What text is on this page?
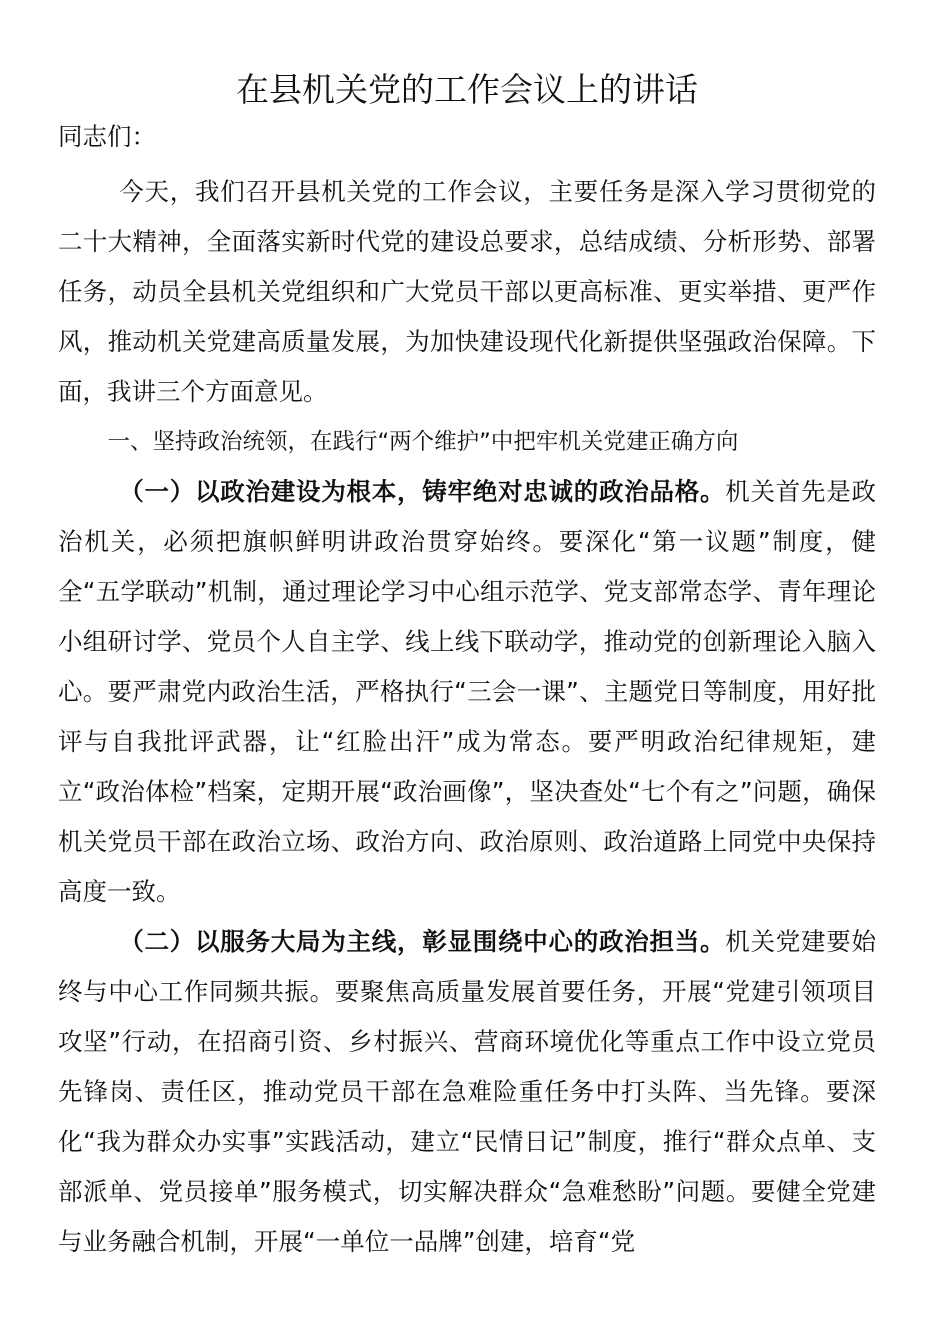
在县机关党的工作会议上的讲话

同志们：

今天，我们召开县机关党的工作会议，主要任务是深入学习贯彻党的二十大精神，全面落实新时代党的建设总要求，总结成绩、分析形势、部署任务，动员全县机关党组织和广大党员干部以更高标准、更实举措、更严作风，推动机关党建高质量发展，为加快建设现代化新提供坚强政治保障。下面，我讲三个方面意见。

一、坚持政治统领，在践行“两个维护”中把牢机关党建正确方向

（一）以政治建设为根本，铸牢绝对忠诚的政治品格。机关首先是政治机关，必须把旗帜鲜明讲政治贯穿始终。要深化“第一议题”制度，健全“五学联动”机制，通过理论学习中心组示范学、党支部常态学、青年理论小组研讨学、党员个人自主学、线上线下联动学，推动党的创新理论入脑入心。要严肃党内政治生活，严格执行“三会一课”、主题党日等制度，用好批评与自我批评武器，让“红脸出汗”成为常态。要严明政治纪律规矩，建立“政治体检”档案，定期开展“政治画像”，坚决查处“七个有之”问题，确保机关党员干部在政治立场、政治方向、政治原则、政治道路上同党中央保持高度一致。

（二）以服务大局为主线，彰显围绕中心的政治担当。机关党建要始终与中心工作同频共振。要聚焦高质量发展首要任务，开展“党建引领项目攻坚”行动，在招商引资、乡村振兴、营商环境优化等重点工作中设立党员先锋岗、责任区，推动党员干部在急难险重任务中打头阵、当先锋。要深化“我为群众办实事”实践活动，建立“民情日记”制度，推行“群众点单、支部派单、党员接单”服务模式，切实解决群众“急难愁盼”问题。要健全党建与业务融合机制，开展“一单位一品牌”创建，培育“党
